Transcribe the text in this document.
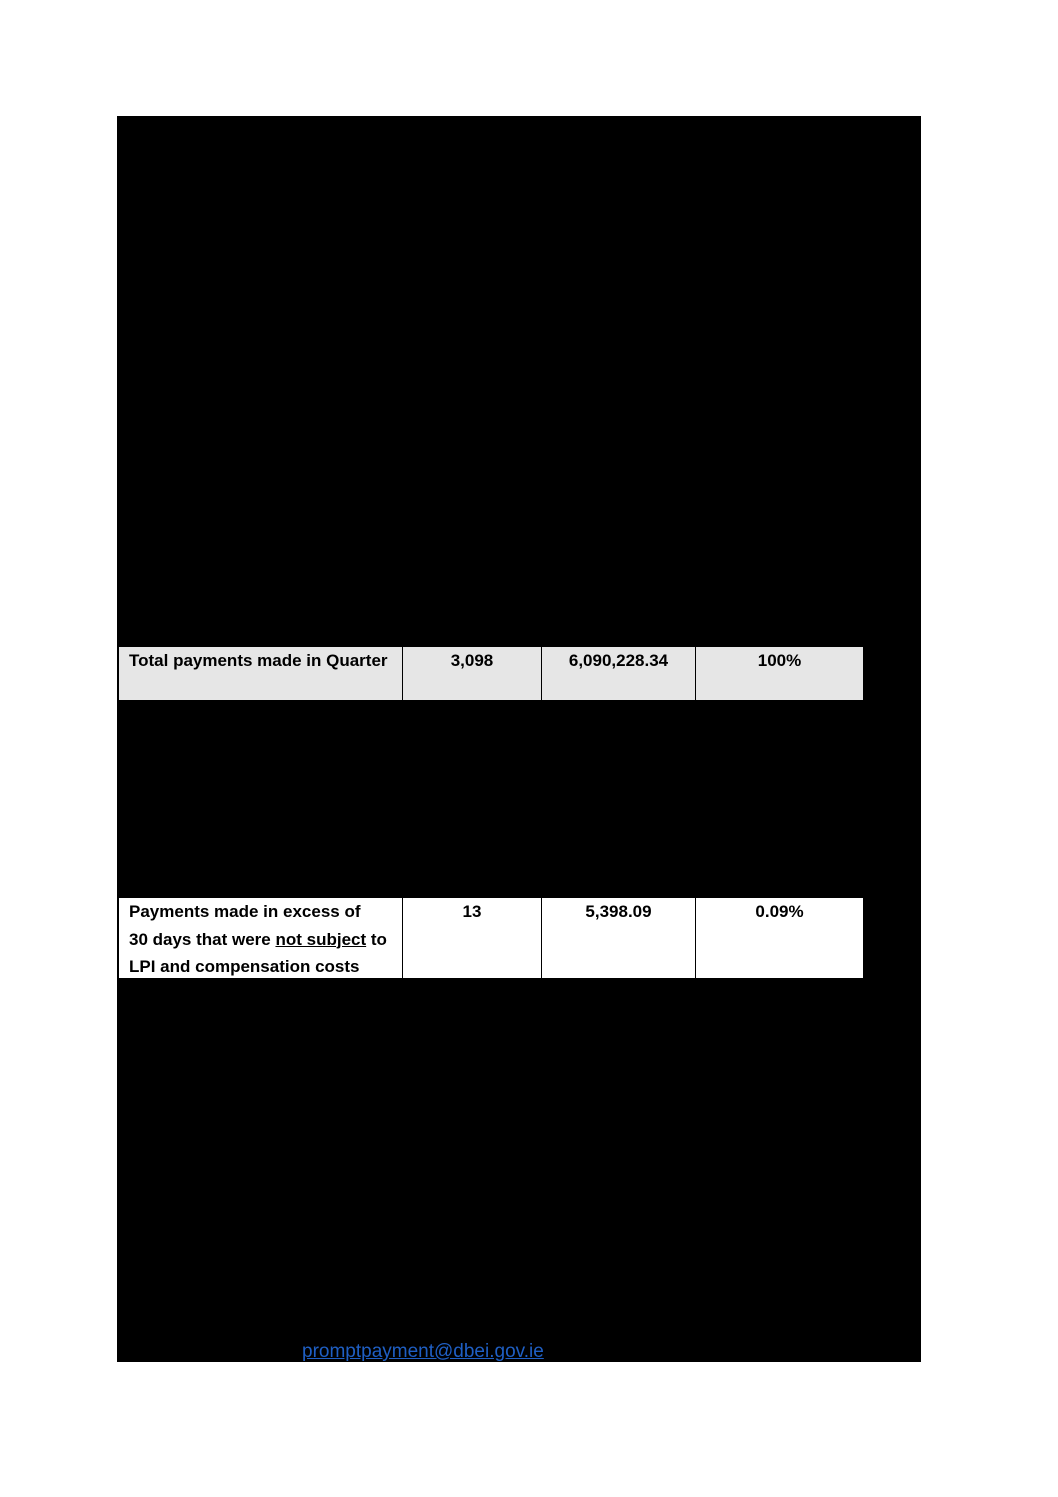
Total payments made in Quarter	3,098	6,090,228.34	100%
Payments made in excess of
30 days that were not subject to
LPI and compensation costs
13	5,398.09	0.09%
promptpayment@dbei.gov.ie
